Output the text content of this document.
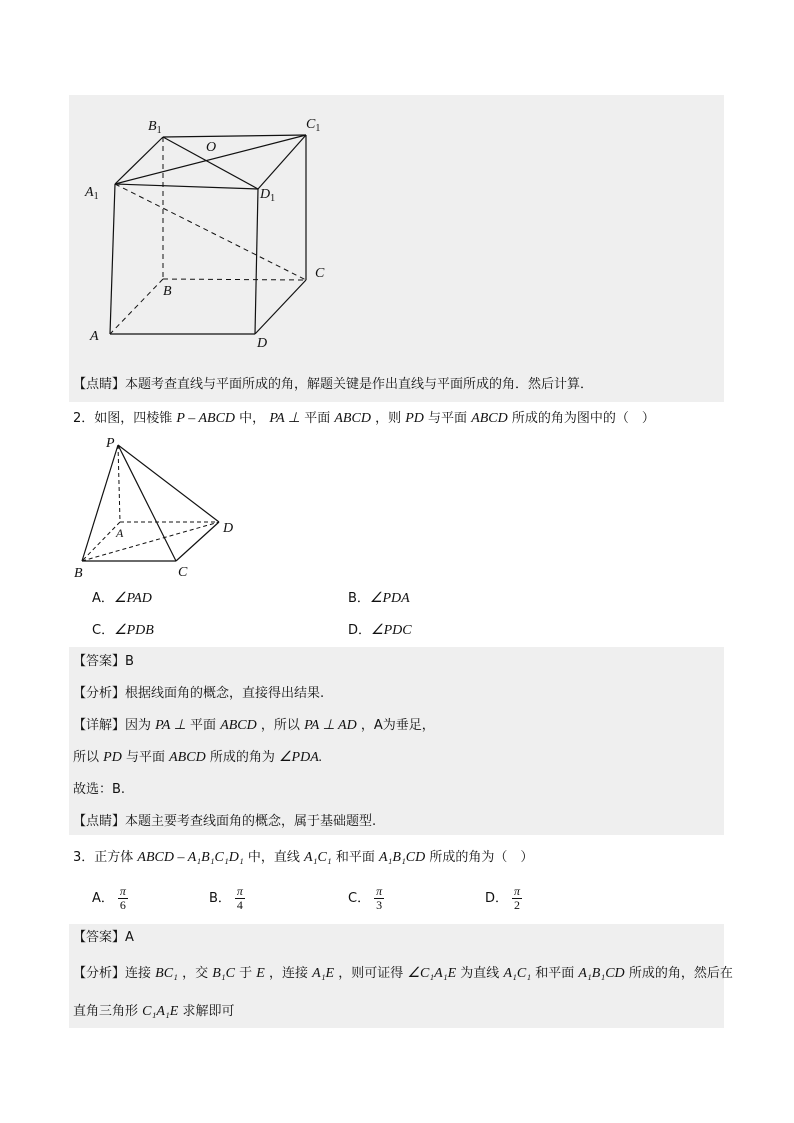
$B_1$	$C_1$
O
$A_1$	$D_1$
C
B
A	D
【点睛】本题考查直线与平面所成的角，解题关键是作出直线与平面所成的角．然后计算．
2．如图，四棱锥 P – ABCD 中， PA ⊥ 平面 ABCD ，则 PD 与平面 ABCD 所成的角为图中的（　）
P
D
A
B	C
A．∠PAD	B．∠PDA
C．∠PDB	D．∠PDC
【答案】B
【分析】根据线面角的概念，直接得出结果.
【详解】因为 PA ⊥ 平面 ABCD ，所以 PA ⊥ AD ，A为垂足，
所以 PD 与平面 ABCD 所成的角为 ∠PDA.
故选：B.
【点睛】本题主要考查线面角的概念，属于基础题型.
3．正方体 ABCD – A₁B₁C₁D₁ 中，直线 A₁C₁ 和平面 A₁B₁CD 所成的角为（　）
A． $\frac{\pi}{6}$	B． $\frac{\pi}{4}$	C． $\frac{\pi}{3}$	D． $\frac{\pi}{2}$
【答案】A
【分析】连接 BC₁ ，交 B₁C 于 E ，连接 A₁E ，则可证得 ∠C₁A₁E 为直线 A₁C₁ 和平面 A₁B₁CD 所成的角，然后在
直角三角形 C₁A₁E 求解即可
